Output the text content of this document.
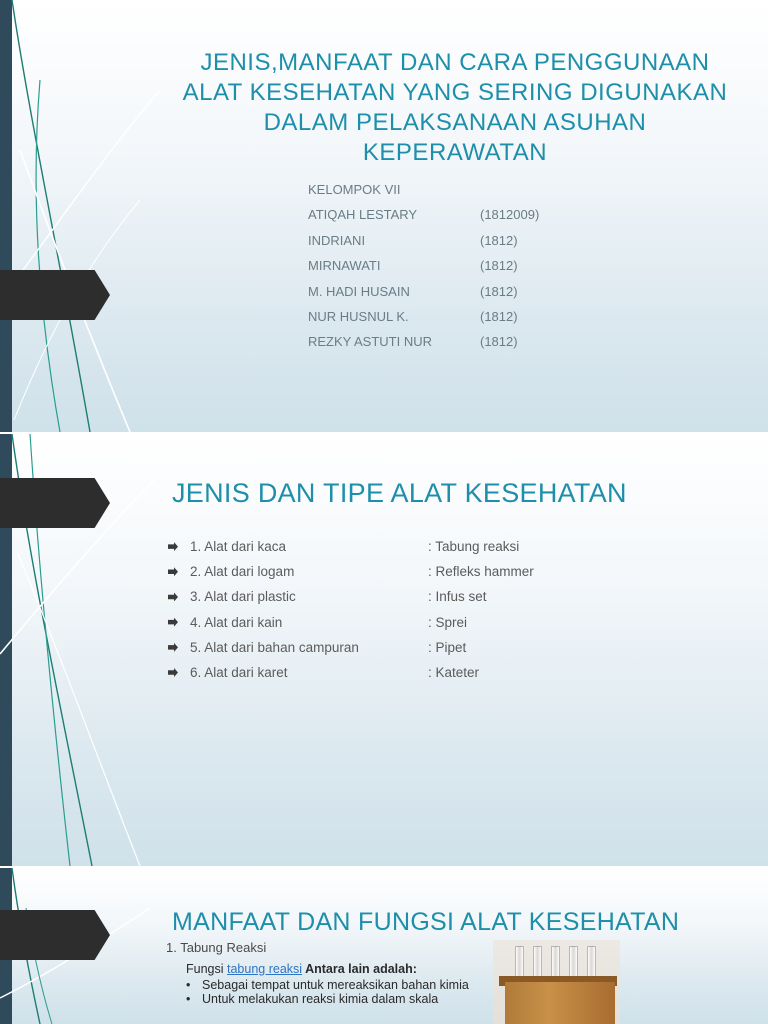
JENIS,MANFAAT DAN CARA PENGGUNAAN
ALAT KESEHATAN YANG SERING DIGUNAKAN
DALAM PELAKSANAAN ASUHAN
KEPERAWATAN
KELOMPOK VII
ATIQAH LESTARY	(1812009)
INDRIANI	(1812)
MIRNAWATI	(1812)
M. HADI HUSAIN	(1812)
NUR HUSNUL K.	(1812)
REZKY ASTUTI NUR	(1812)
JENIS DAN TIPE ALAT KESEHATAN
1. Alat dari kaca	: Tabung reaksi
2. Alat dari logam	: Refleks hammer
3. Alat dari plastic	: Infus set
4. Alat dari kain	: Sprei
5. Alat dari bahan campuran	: Pipet
6. Alat dari karet	: Kateter
MANFAAT DAN FUNGSI ALAT KESEHATAN
1. Tabung Reaksi
Fungsi tabung reaksi Antara lain adalah:
• Sebagai tempat untuk mereaksikan bahan kimia
• Untuk melakukan reaksi kimia dalam skala
